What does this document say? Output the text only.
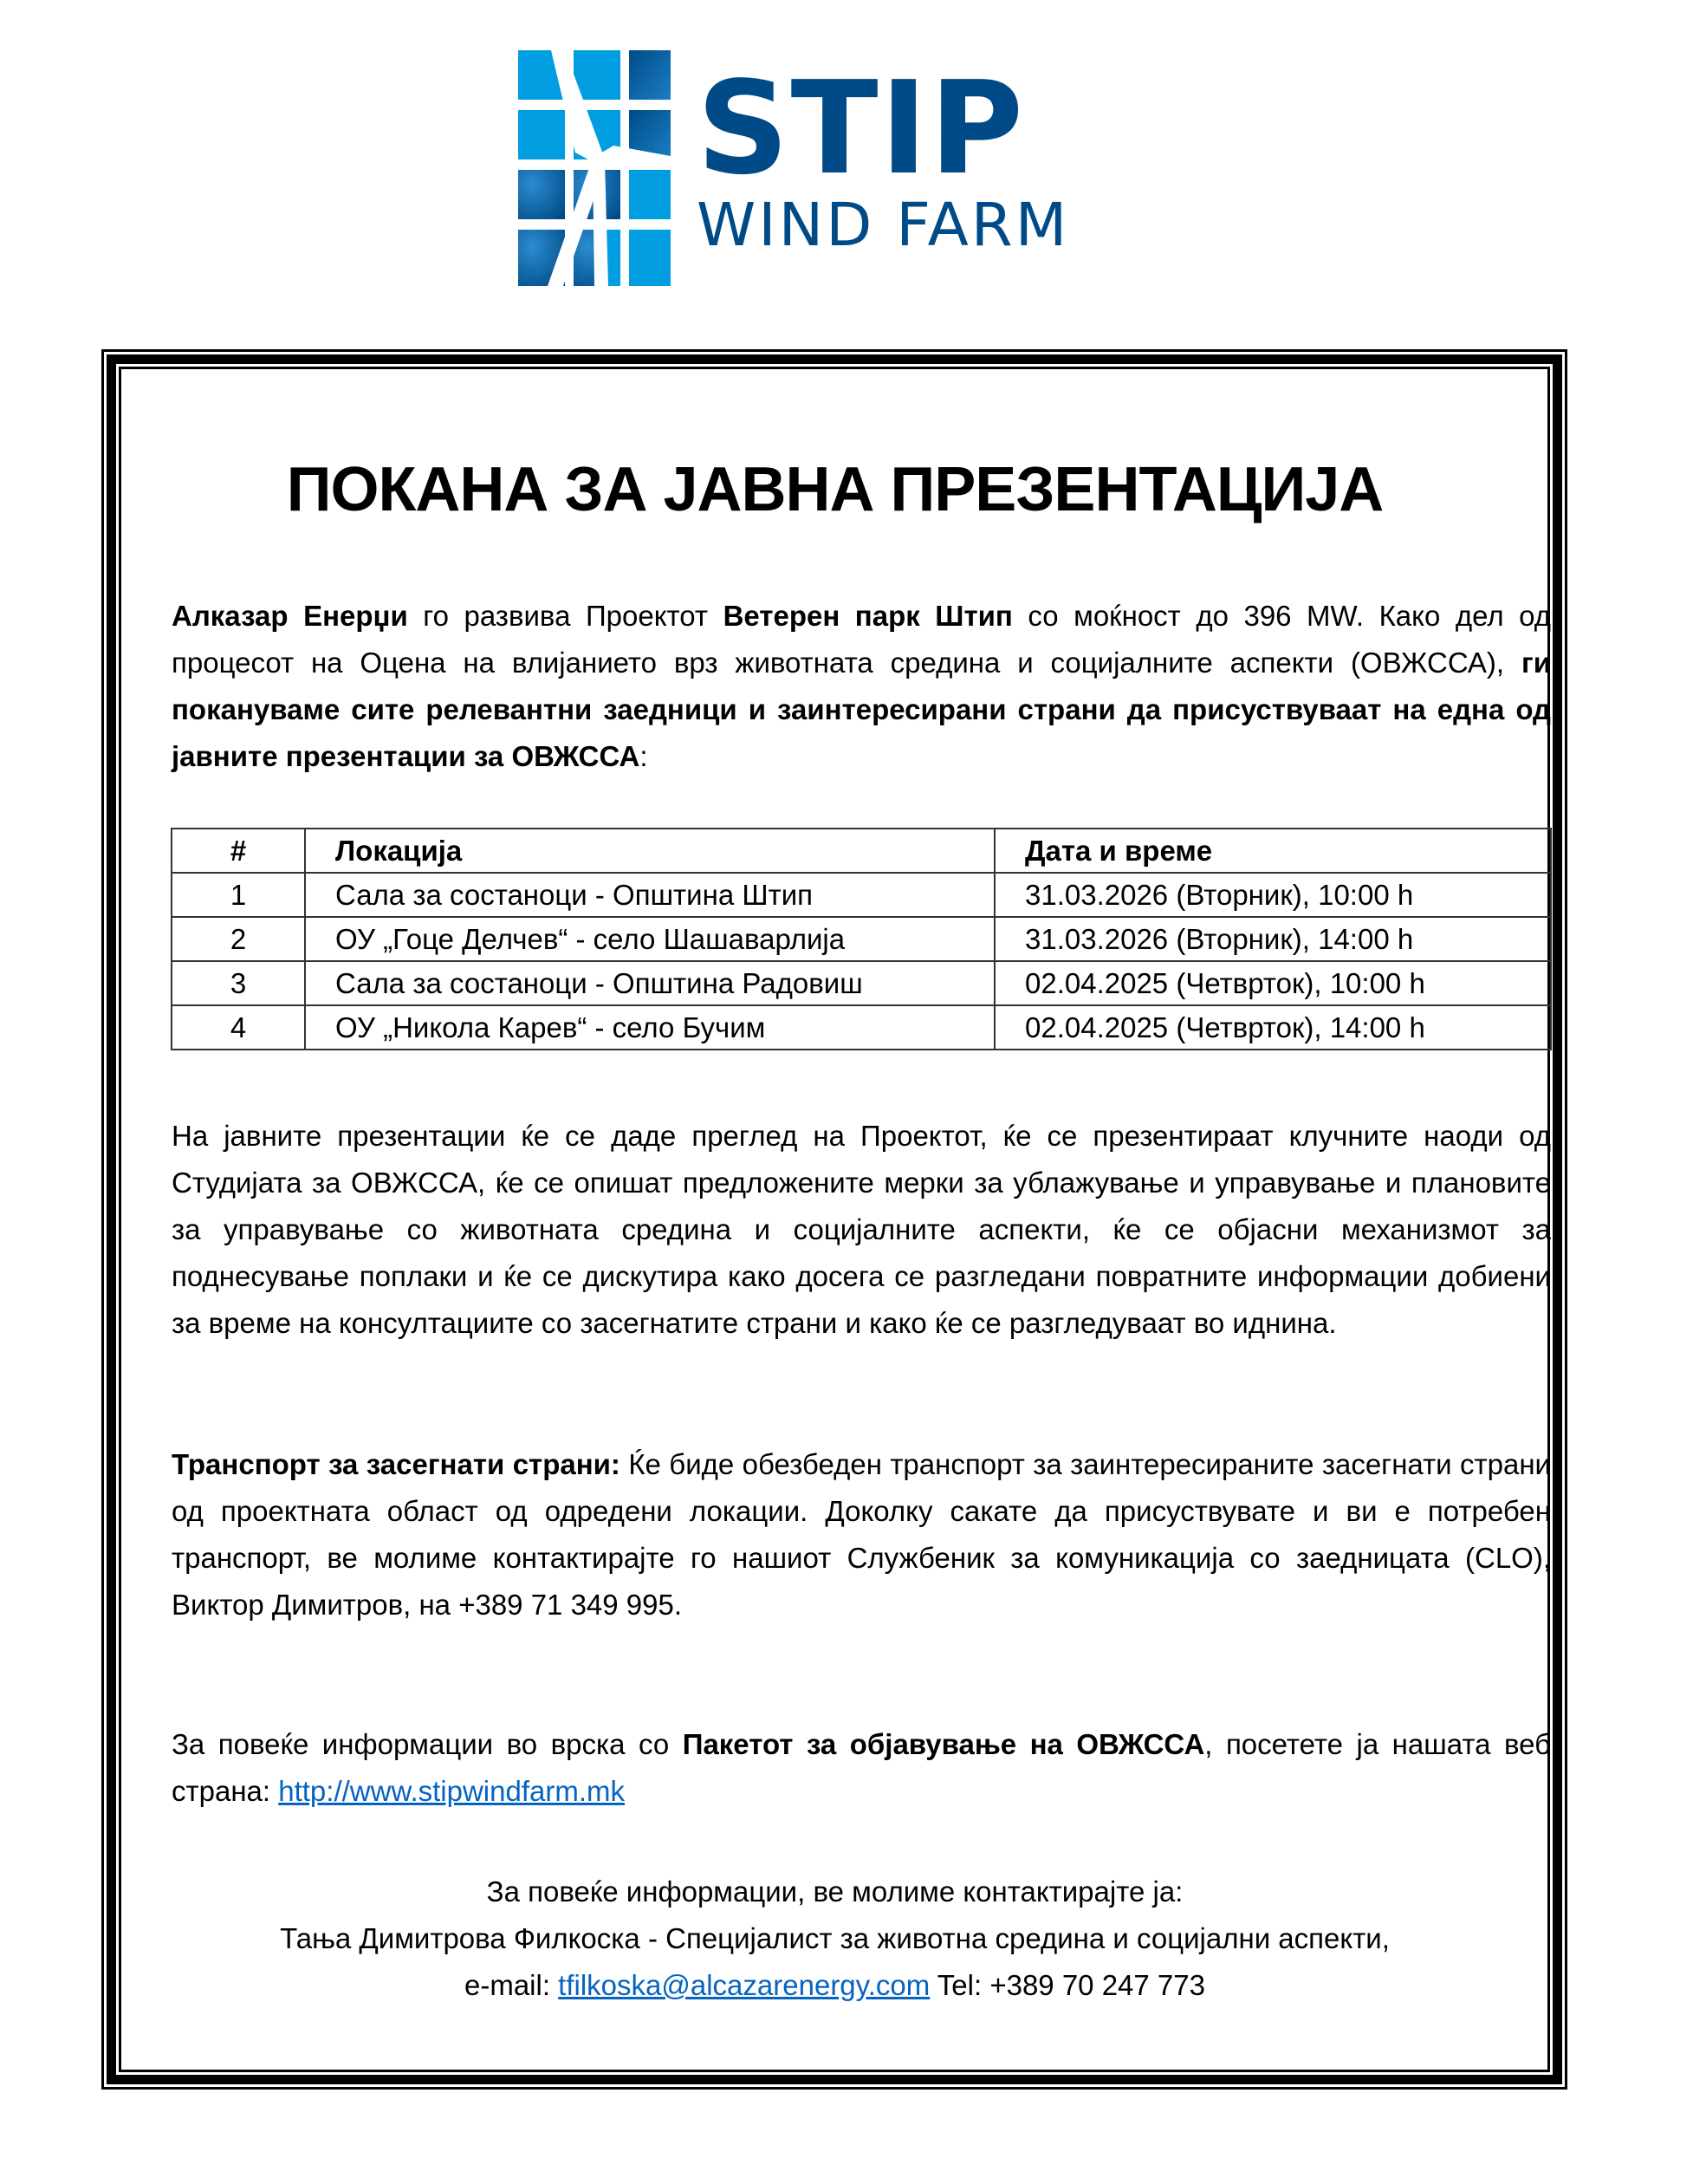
STIP
WIND FARM
ПОКАНА ЗА ЈАВНА ПРЕЗЕНТАЦИЈА

Алказар Енерџи го развива Проектот Ветерен парк Штип со моќност до 396 MW. Како дел од процесот на Оцена на влијанието врз животната средина и социјалните аспекти (ОВЖССА), ги покануваме сите релевантни заедници и заинтересирани страни да присуствуваат на една од јавните презентации за ОВЖССА:

#	Локација	Дата и време
1	Сала за состаноци - Општина Штип	31.03.2026 (Вторник), 10:00 h
2	ОУ „Гоце Делчев“ - село Шашаварлија	31.03.2026 (Вторник), 14:00 h
3	Сала за состаноци - Општина Радовиш	02.04.2025 (Четврток), 10:00 h
4	ОУ „Никола Карев“ - село Бучим	02.04.2025 (Четврток), 14:00 h

На јавните презентации ќе се даде преглед на Проектот, ќе се презентираат клучните наоди од Студијата за ОВЖССА, ќе се опишат предложените мерки за ублажување и управување и плановите за управување со животната средина и социјалните аспекти, ќе се објасни механизмот за поднесување поплаки и ќе се дискутира како досега се разгледани повратните информации добиени за време на консултациите со засегнатите страни и како ќе се разгледуваат во иднина.

Транспорт за засегнати страни: Ќе биде обезбеден транспорт за заинтересираните засегнати страни од проектната област од одредени локации. Доколку сакате да присуствувате и ви е потребен транспорт, ве молиме контактирајте го нашиот Службеник за комуникација со заедницата (CLO), Виктор Димитров, на +389 71 349 995.

За повеќе информации во врска со Пакетот за објавување на ОВЖССА, посетете ја нашата веб страна: http://www.stipwindfarm.mk

За повеќе информации, ве молиме контактирајте ја:
Тања Димитрова Филкоска - Специјалист за животна средина и социјални аспекти,
e-mail: tfilkoska@alcazarenergy.com Tel: +389 70 247 773
